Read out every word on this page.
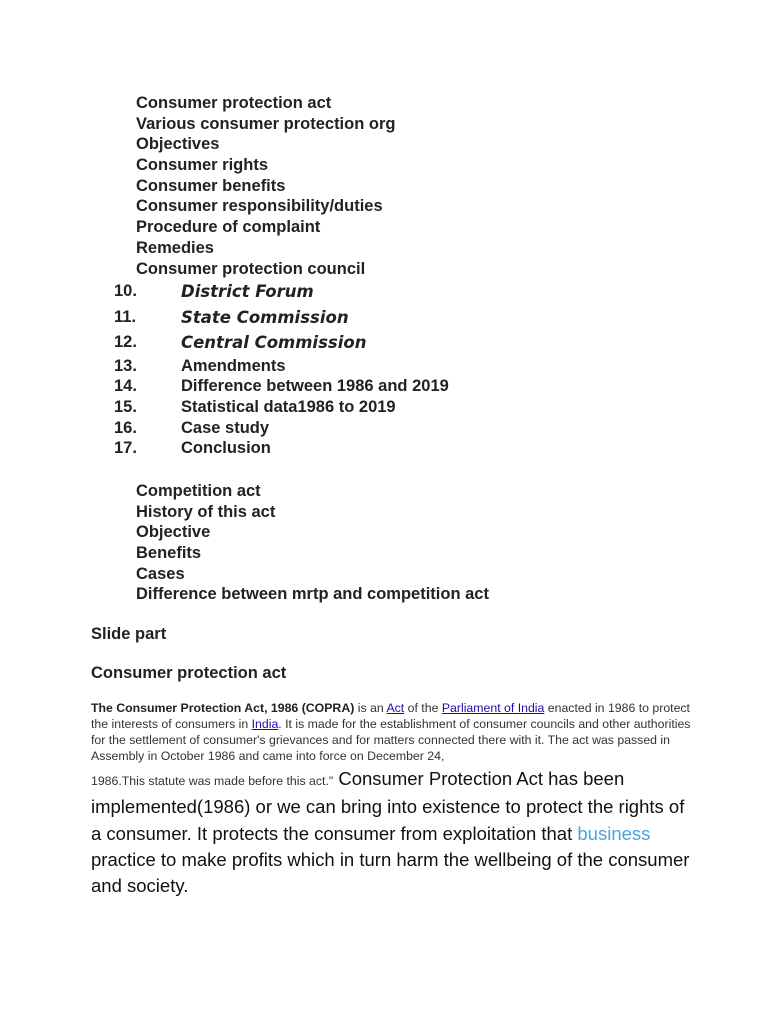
Consumer protection act
Various consumer protection org
Objectives
Consumer rights
Consumer benefits
Consumer responsibility/duties
Procedure of complaint
Remedies
Consumer protection council
10.	District Forum
11.	State Commission
12.	Central Commission
13.	Amendments
14.	Difference between 1986 and 2019
15.	Statistical data1986 to 2019
16.	Case study
17.	Conclusion
Competition act
History of this act
Objective
Benefits
Cases
Difference between mrtp and competition act

Slide part

Consumer protection act

The Consumer Protection Act, 1986 (COPRA) is an Act of the Parliament of India enacted in 1986 to protect the interests of consumers in India. It is made for the establishment of consumer councils and other authorities for the settlement of consumer's grievances and for matters connected there with it. The act was passed in Assembly in October 1986 and came into force on December 24,

1986.This statute was made before this act." Consumer Protection Act has been implemented(1986) or we can bring into existence to protect the rights of a consumer. It protects the consumer from exploitation that business practice to make profits which in turn harm the wellbeing of the consumer and society.
